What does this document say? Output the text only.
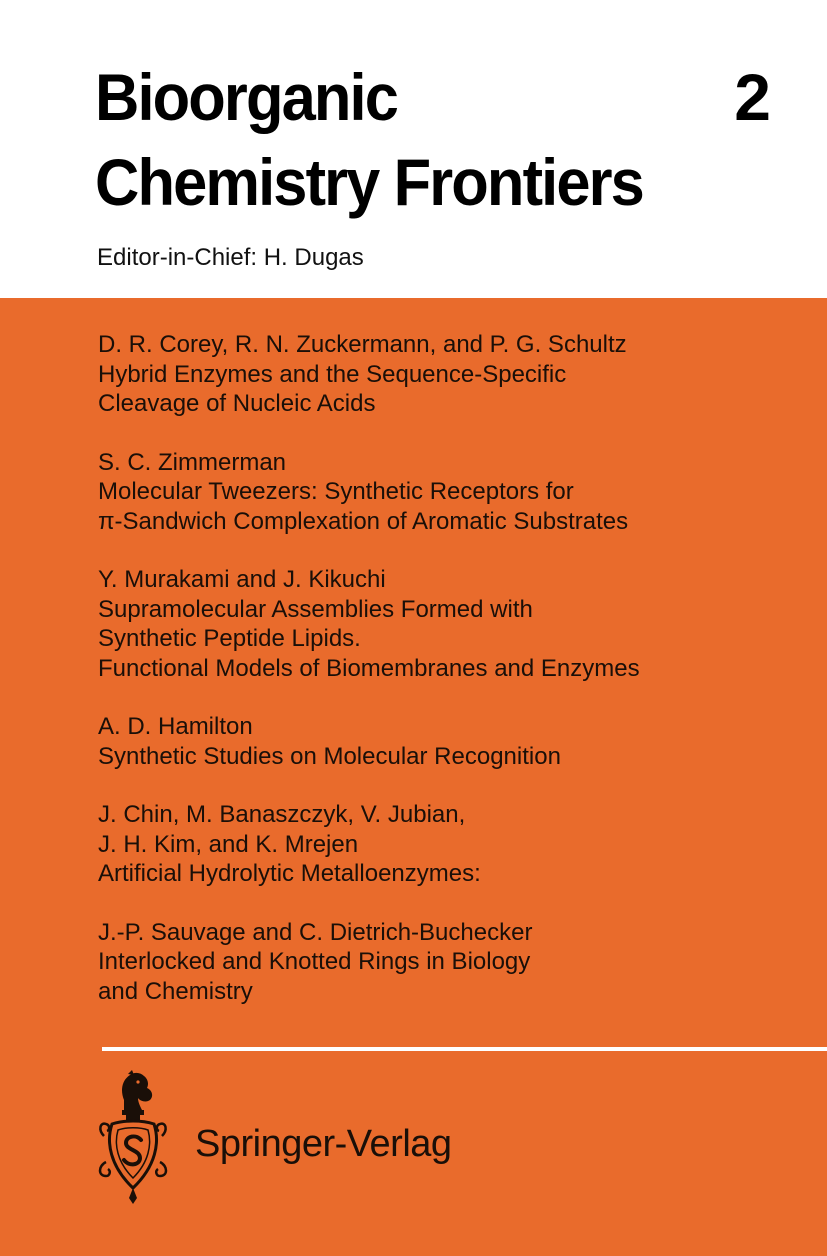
Bioorganic
Chemistry Frontiers
2
Editor-in-Chief: H. Dugas
D. R. Corey, R. N. Zuckermann, and P. G. Schultz
Hybrid Enzymes and the Sequence-Specific
Cleavage of Nucleic Acids
S. C. Zimmerman
Molecular Tweezers: Synthetic Receptors for
π-Sandwich Complexation of Aromatic Substrates
Y. Murakami and J. Kikuchi
Supramolecular Assemblies Formed with
Synthetic Peptide Lipids.
Functional Models of Biomembranes and Enzymes
A. D. Hamilton
Synthetic Studies on Molecular Recognition
J. Chin, M. Banaszczyk, V. Jubian,
J. H. Kim, and K. Mrejen
Artificial Hydrolytic Metalloenzymes:
J.-P. Sauvage and C. Dietrich-Buchecker
Interlocked and Knotted Rings in Biology
and Chemistry
Springer-Verlag
